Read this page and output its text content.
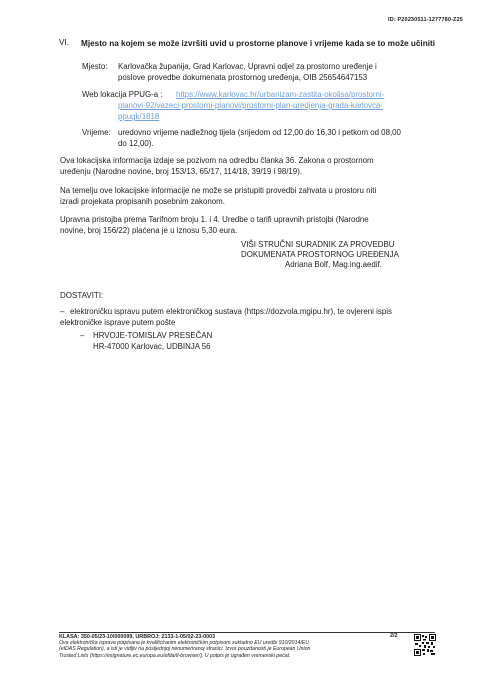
ID: P20230511-1277780-Z25
VI. Mjesto na kojem se može izvršiti uvid u prostorne planove i vrijeme kada se to može učiniti
Mjesto: Karlovačka županija, Grad Karlovac, Upravni odjel za prostorno uređenje i
poslove provedbe dokumenata prostornog uređenja, OIB 25654647153
Web lokacija PPUG-a : https://www.karlovac.hr/urbanizam-zastita-okolisa/prostorni-
planovi-92/vazeci-prostorni-planovi/prostorni-plan-uredjenja-grada-karlovca-
ppugk/1818
Vrijeme: uredovno vrijeme nadležnog tijela (srijedom od 12,00 do 16,30 i petkom od 08,00
do 12,00).
Ova lokacijska informacija izdaje se pozivom na odredbu članka 36. Zakona o prostornom
uređenju (Narodne novine, broj 153/13, 65/17, 114/18, 39/19 i 98/19).
Na temelju ove lokacijske informacije ne može se pristupiti provedbi zahvata u prostoru niti
izradi projekata propisanih posebnim zakonom.
Upravna pristojba prema Tarifnom broju 1. i 4. Uredbe o tarifi upravnih pristojbi (Narodne
novine, broj 156/22) plaćena je u iznosu 5,30 eura.
VIŠI STRUČNI SURADNIK ZA PROVEDBU
DOKUMENATA PROSTORNOG UREĐENJA
Adriana Bolf, Mag.ing.aedif.
DOSTAVITI:
– elektroničku ispravu putem elektroničkog sustava (https://dozvola.mgipu.hr), te ovjereni ispis
elektroničke isprave putem pošte
– HRVOJE-TOMISLAV PRESEČAN
HR-47000 Karlovac, UDBINJA 56
KLASA: 350-05/23-10/000099, URBROJ: 2133-1-05/02-23-0003	2/2
Ova elektronička isprava potpisana je kvalificiranim elektroničkim potpisom sukladno EU uredbi 910/2014/EU
(eIDAS Regulation), a isti je vidljiv na posljednjoj nenumeriranoj stranici. Izvor pouzdanosti je European Union
Trusted Lists (https://esignature.ec.europa.eu/efda/tl-browser/). U potpis je ugrađen vremenski pečat.
